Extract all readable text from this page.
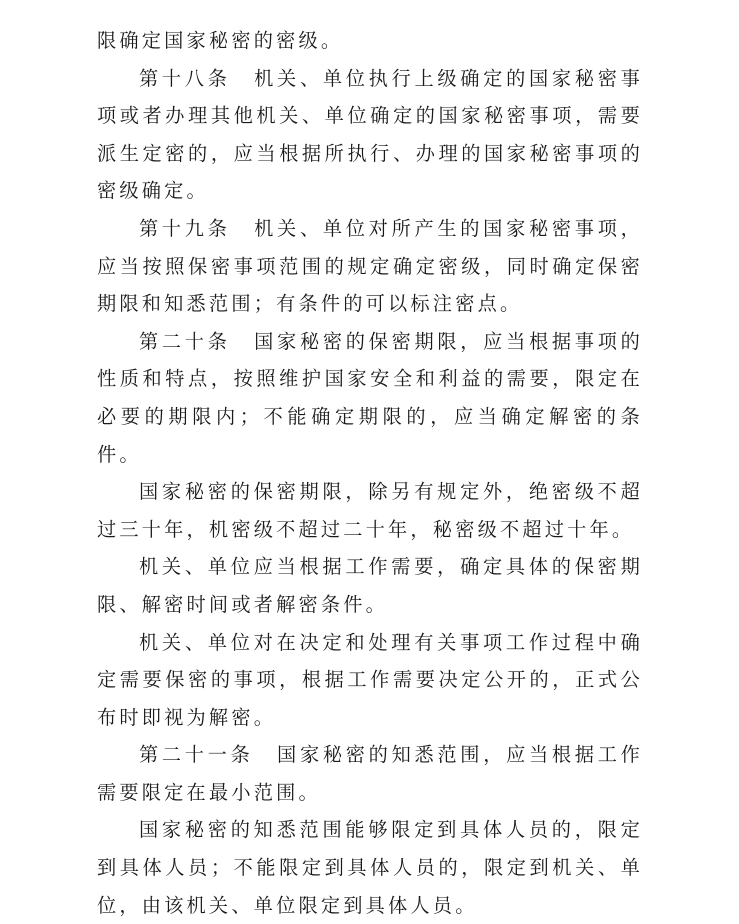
限确定国家秘密的密级。

第十八条 机关、单位执行上级确定的国家秘密事项或者办理其他机关、单位确定的国家秘密事项，需要派生定密的，应当根据所执行、办理的国家秘密事项的密级确定。

第十九条 机关、单位对所产生的国家秘密事项，应当按照保密事项范围的规定确定密级，同时确定保密期限和知悉范围；有条件的可以标注密点。

第二十条 国家秘密的保密期限，应当根据事项的性质和特点，按照维护国家安全和利益的需要，限定在必要的期限内；不能确定期限的，应当确定解密的条件。

国家秘密的保密期限，除另有规定外，绝密级不超过三十年，机密级不超过二十年，秘密级不超过十年。

机关、单位应当根据工作需要，确定具体的保密期限、解密时间或者解密条件。

机关、单位对在决定和处理有关事项工作过程中确定需要保密的事项，根据工作需要决定公开的，正式公布时即视为解密。

第二十一条 国家秘密的知悉范围，应当根据工作需要限定在最小范围。

国家秘密的知悉范围能够限定到具体人员的，限定到具体人员；不能限定到具体人员的，限定到机关、单位，由该机关、单位限定到具体人员。
